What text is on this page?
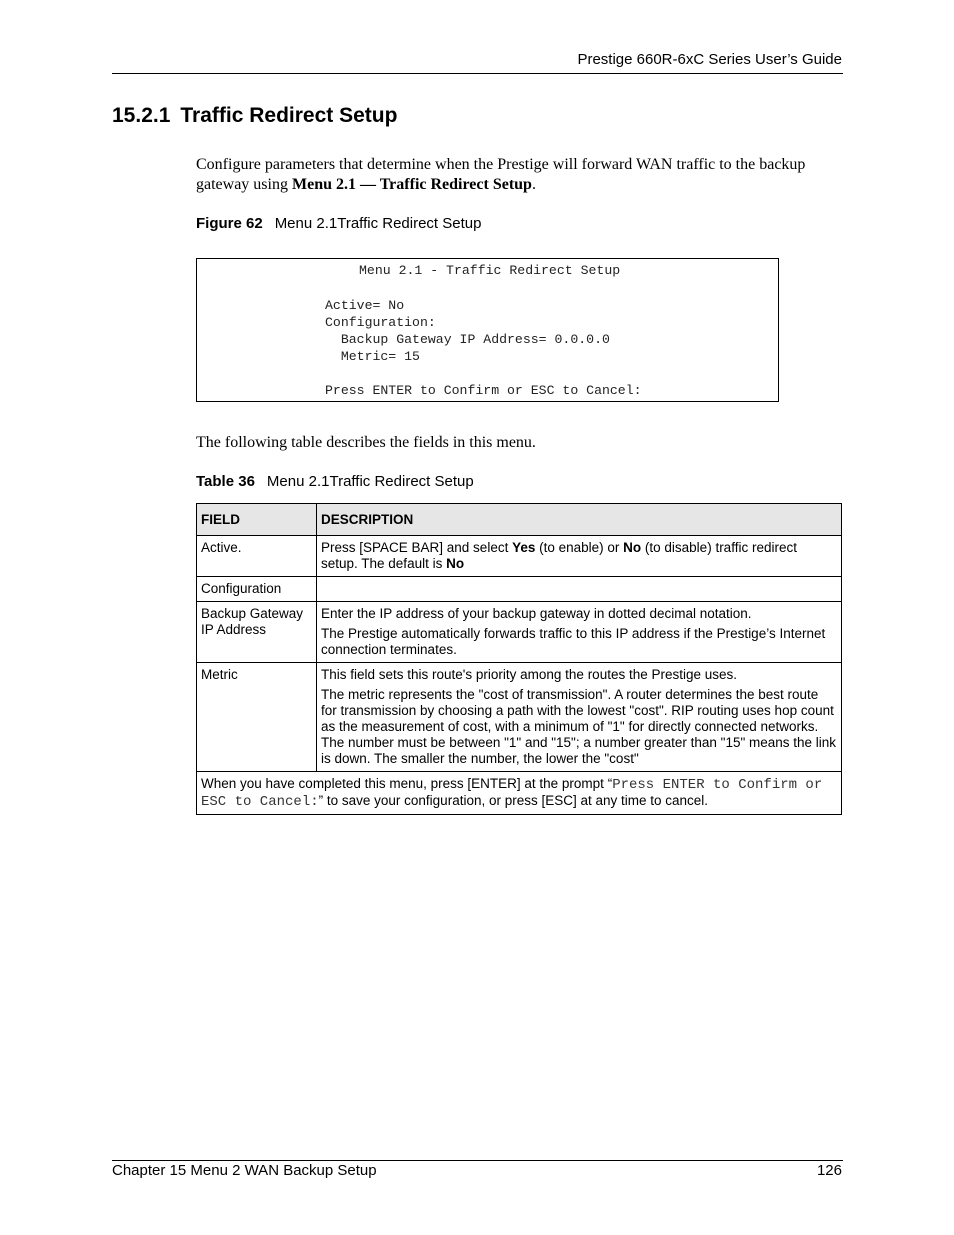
Prestige 660R-6xC Series User’s Guide
15.2.1 Traffic Redirect Setup

Configure parameters that determine when the Prestige will forward WAN traffic to the backup gateway using Menu 2.1 — Traffic Redirect Setup.

Figure 62 Menu 2.1Traffic Redirect Setup
Menu 2.1 - Traffic Redirect Setup
Active= No
Configuration:
Backup Gateway IP Address= 0.0.0.0
Metric= 15
Press ENTER to Confirm or ESC to Cancel:

The following table describes the fields in this menu.

Table 36 Menu 2.1Traffic Redirect Setup
FIELD	DESCRIPTION
Active.	Press [SPACE BAR] and select Yes (to enable) or No (to disable) traffic redirect setup. The default is No
Configuration	
Backup Gateway IP Address	Enter the IP address of your backup gateway in dotted decimal notation.

The Prestige automatically forwards traffic to this IP address if the Prestige’s Internet connection terminates.

Metric	This field sets this route's priority among the routes the Prestige uses.

The metric represents the "cost of transmission". A router determines the best route for transmission by choosing a path with the lowest "cost". RIP routing uses hop count as the measurement of cost, with a minimum of "1" for directly connected networks. The number must be between "1" and "15"; a number greater than "15" means the link is down. The smaller the number, the lower the "cost"

When you have completed this menu, press [ENTER] at the prompt “Press ENTER to Confirm or ESC to Cancel:” to save your configuration, or press [ESC] at any time to cancel.	
Chapter 15 Menu 2 WAN Backup Setup	126
